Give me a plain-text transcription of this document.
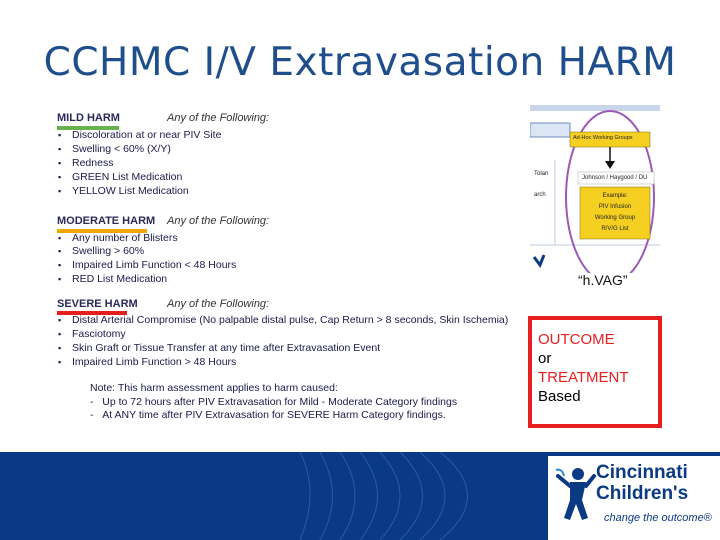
CCHMC I/V Extravasation HARM
MILD HARM	Any of the Following:
▪ Discoloration at or near PIV Site
▪ Swelling < 60% (X/Y)
▪ Redness
▪ GREEN List Medication
▪ YELLOW List Medication
MODERATE HARM Any of the Following:
▪ Any number of Blisters
▪ Swelling > 60%
▪ Impaired Limb Function < 48 Hours
▪ RED List Medication
SEVERE HARM	Any of the Following:
▪ Distal Arterial Compromise (No palpable distal pulse, Cap Return > 8 seconds, Skin Ischemia)
▪ Fasciotomy
▪ Skin Graft or Tissue Transfer at any time after Extravasation Event
▪ Impaired Limb Function > 48 Hours
Note: This harm assessment applies to harm caused:
-   Up to 72 hours after PIV Extravasation for Mild - Moderate Category findings
-   At ANY time after PIV Extravasation for SEVERE Harm Category findings.
Ad-Hoc Working Groups
Johnson / Haygood / DU
Tolan
arch	Example:
PIV Infusion
Working Group
R/V/G List
“h.VAG”
OUTCOME
or
TREATMENT
Based
Cincinnati
Children's
change the outcome®
